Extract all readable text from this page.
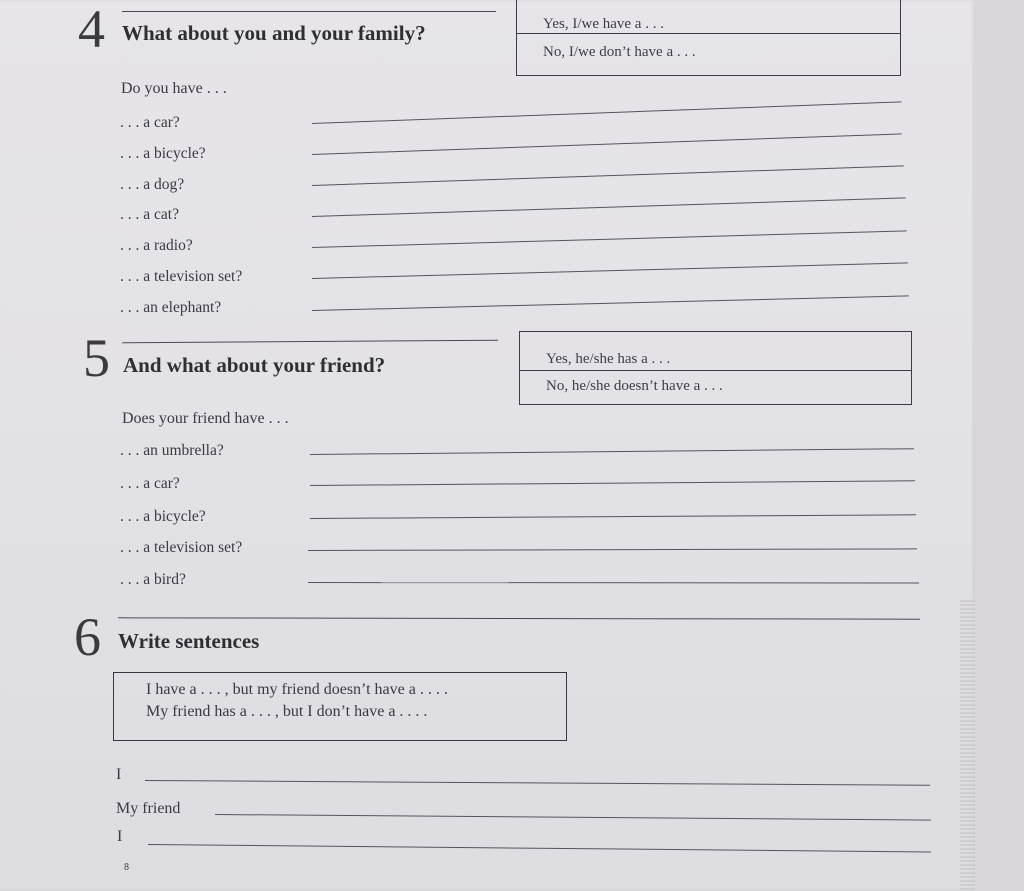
4 What about you and your family?	Yes, I/we have a . . .
No, I/we don’t have a . . .
Do you have . . .
. . . a car?
. . . a bicycle?
. . . a dog?
. . . a cat?
. . . a radio?
. . . a television set?
. . . an elephant?
5 And what about your friend?	Yes, he/she has a . . .
No, he/she doesn’t have a . . .
Does your friend have . . .
. . . an umbrella?
. . . a car?
. . . a bicycle?
. . . a television set?
. . . a bird?
6 Write sentences
I have a . . . , but my friend doesn’t have a . . . .
My friend has a . . . , but I don’t have a . . . .
I
My friend
I
8
